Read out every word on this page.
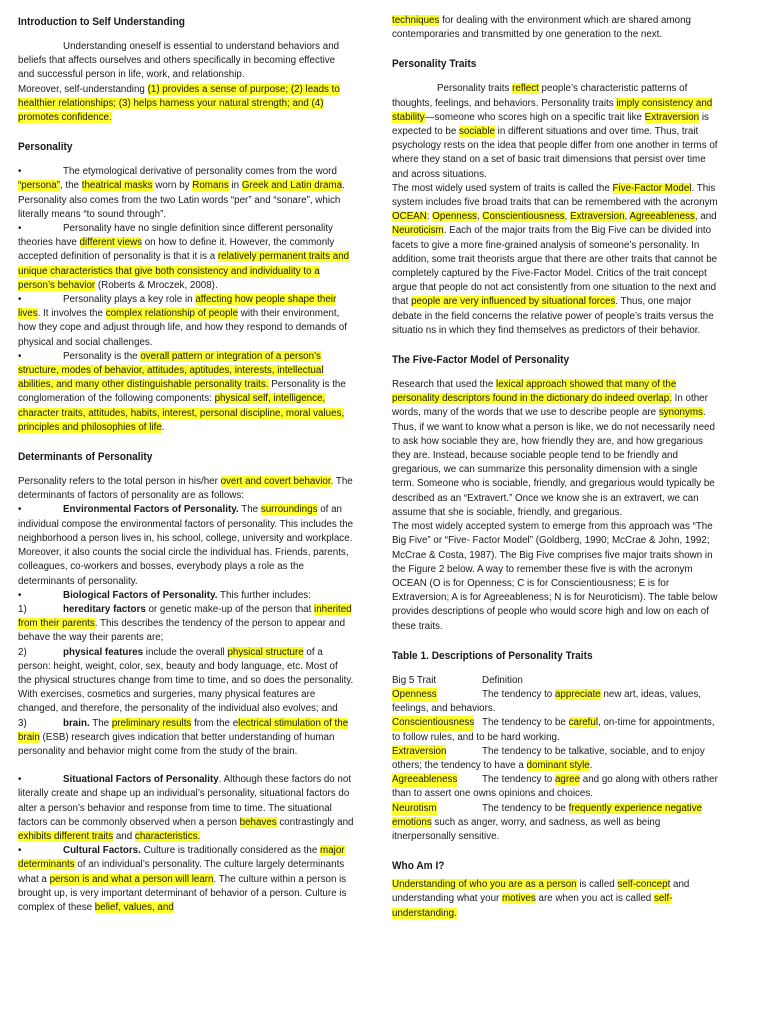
Introduction to Self Understanding

Understanding oneself is essential to understand behaviors and beliefs that affects ourselves and others specifically in becoming effective and successful person in life, work, and relationship.

Moreover, self-understanding (1) provides a sense of purpose; (2) leads to healthier relationships; (3) helps harness your natural strength; and (4) promotes confidence.

Personality

•	The etymological derivative of personality comes from the word “persona”, the theatrical masks worn by Romans in Greek and Latin drama. Personality also comes from the two Latin words “per” and “sonare”, which literally means “to sound through”.

•	Personality have no single definition since different personality theories have different views on how to define it. However, the commonly accepted definition of personality is that it is a relatively permanent traits and unique characteristics that give both consistency and individuality to a person’s behavior (Roberts & Mroczek, 2008).

•	Personality plays a key role in affecting how people shape their lives. It involves the complex relationship of people with their environment, how they cope and adjust through life, and how they respond to demands of physical and social challenges.

•	Personality is the overall pattern or integration of a person’s structure, modes of behavior, attitudes, aptitudes, interests, intellectual abilities, and many other distinguishable personality traits. Personality is the conglomeration of the following components: physical self, intelligence, character traits, attitudes, habits, interest, personal discipline, moral values, principles and philosophies of life.

Determinants of Personality

Personality refers to the total person in his/her overt and covert behavior. The determinants of factors of personality are as follows:

•	Environmental Factors of Personality. The surroundings of an individual compose the environmental factors of personality. This includes the neighborhood a person lives in, his school, college, university and workplace. Moreover, it also counts the social circle the individual has. Friends, parents, colleagues, co-workers and bosses, everybody plays a role as the determinants of personality.

•	Biological Factors of Personality. This further includes:

1)	hereditary factors or genetic make-up of the person that inherited from their parents. This describes the tendency of the person to appear and behave the way their parents are;

2)	physical features include the overall physical structure of a person: height, weight, color, sex, beauty and body language, etc. Most of the physical structures change from time to time, and so does the personality. With exercises, cosmetics and surgeries, many physical features are changed, and therefore, the personality of the individual also evolves; and

3)	brain. The preliminary results from the electrical stimulation of the brain (ESB) research gives indication that better understanding of human personality and behavior might come from the study of the brain.

•	Situational Factors of Personality. Although these factors do not literally create and shape up an individual’s personality, situational factors do alter a person’s behavior and response from time to time. The situational factors can be commonly observed when a person behaves contrastingly and exhibits different traits and characteristics.

•	Cultural Factors. Culture is traditionally considered as the major determinants of an individual’s personality. The culture largely determinants what a person is and what a person will learn. The culture within a person is brought up, is very important determinant of behavior of a person. Culture is complex of these belief, values, and

techniques for dealing with the environment which are shared among contemporaries and transmitted by one generation to the next.

Personality Traits

Personality traits reflect people’s characteristic patterns of thoughts, feelings, and behaviors. Personality traits imply consistency and stability—someone who scores high on a specific trait like Extraversion is expected to be sociable in different situations and over time. Thus, trait psychology rests on the idea that people differ from one another in terms of where they stand on a set of basic trait dimensions that persist over time and across situations.

The most widely used system of traits is called the Five-Factor Model. This system includes five broad traits that can be remembered with the acronym OCEAN: Openness, Conscientiousness, Extraversion, Agreeableness, and Neuroticism. Each of the major traits from the Big Five can be divided into facets to give a more fine-grained analysis of someone’s personality. In addition, some trait theorists argue that there are other traits that cannot be completely captured by the Five-Factor Model. Critics of the trait concept argue that people do not act consistently from one situation to the next and that people are very influenced by situational forces. Thus, one major debate in the field concerns the relative power of people’s traits versus the situatio ns in which they find themselves as predictors of their behavior.

The Five-Factor Model of Personality

Research that used the lexical approach showed that many of the personality descriptors found in the dictionary do indeed overlap. In other words, many of the words that we use to describe people are synonyms. Thus, if we want to know what a person is like, we do not necessarily need to ask how sociable they are, how friendly they are, and how gregarious they are. Instead, because sociable people tend to be friendly and gregarious, we can summarize this personality dimension with a single term. Someone who is sociable, friendly, and gregarious would typically be described as an “Extravert.” Once we know she is an extravert, we can assume that she is sociable, friendly, and gregarious.

The most widely accepted system to emerge from this approach was “The Big Five” or “Five- Factor Model” (Goldberg, 1990; McCrae & John, 1992; McCrae & Costa, 1987). The Big Five comprises five major traits shown in the Figure 2 below. A way to remember these five is with the acronym OCEAN (O is for Openness; C is for Conscientiousness; E is for Extraversion; A is for Agreeableness; N is for Neuroticism). The table below provides descriptions of people who would score high and low on each of these traits.

Table 1. Descriptions of Personality Traits
Big 5 Trait	Definition

Openness	The tendency to appreciate new art, ideas, values, feelings, and behaviors.

Conscientiousness The tendency to be careful, on-time for appointments, to follow rules, and to be hard working.

Extraversion	The tendency to be talkative, sociable, and to enjoy others; the tendency to have a dominant style.

Agreeableness	The tendency to agree and go along with others rather than to assert one owns opinions and choices.

Neurotism	The tendency to be frequently experience negative emotions such as anger, worry, and sadness, as well as being itnerpersonally sensitive.

Who Am I?

Understanding of who you are as a person is called self-concept and understanding what your motives are when you act is called self-understanding.
